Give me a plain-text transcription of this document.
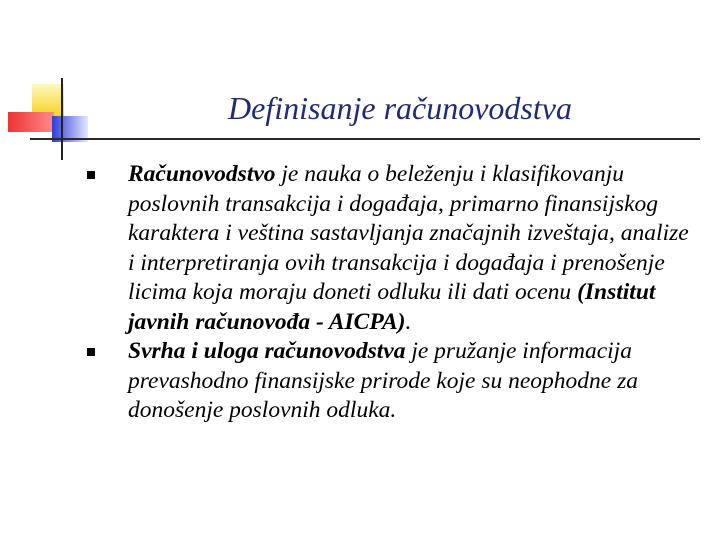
Definisanje računovodstva
Računovodstvo je nauka o beleženju i klasifikovanju poslovnih transakcija i događaja, primarno finansijskog karaktera i veština sastavljanja značajnih izveštaja, analize i interpretiranja ovih transakcija i događaja i prenošenje licima koja moraju doneti odluku ili dati ocenu (Institut javnih računovođa - AICPA).
Svrha i uloga računovodstva je pružanje informacija prevashodno finansijske prirode koje su neophodne za donošenje poslovnih odluka.
